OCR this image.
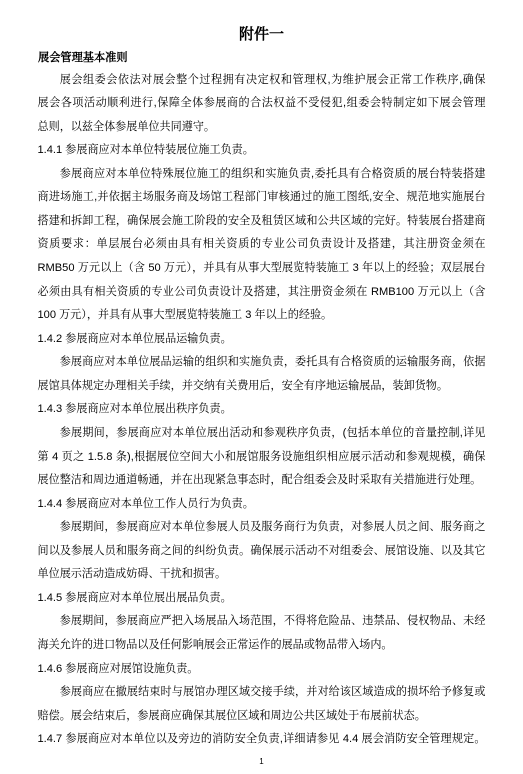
附件一
展会管理基本准则
展会组委会依法对展会整个过程拥有决定权和管理权,为维护展会正常工作秩序,确保
展会各项活动顺利进行,保障全体参展商的合法权益不受侵犯,组委会特制定如下展会管理
总则，以兹全体参展单位共同遵守。
1.4.1 参展商应对本单位特装展位施工负责。
参展商应对本单位特殊展位施工的组织和实施负责,委托具有合格资质的展台特装搭建
商进场施工,并依据主场服务商及场馆工程部门审核通过的施工图纸,安全、规范地实施展台
搭建和拆卸工程，确保展会施工阶段的安全及租赁区域和公共区域的完好。特装展台搭建商
资质要求：单层展台必须由具有相关资质的专业公司负责设计及搭建，其注册资金须在
RMB50 万元以上（含 50 万元），并具有从事大型展览特装施工 3 年以上的经验；双层展台
必须由具有相关资质的专业公司负责设计及搭建，其注册资金须在 RMB100 万元以上（含
100 万元），并具有从事大型展览特装施工 3 年以上的经验。
1.4.2 参展商应对本单位展品运输负责。
参展商应对本单位展品运输的组织和实施负责，委托具有合格资质的运输服务商，依据
展馆具体规定办理相关手续，并交纳有关费用后，安全有序地运输展品，装卸货物。
1.4.3 参展商应对本单位展出秩序负责。
参展期间，参展商应对本单位展出活动和参观秩序负责，(包括本单位的音量控制,详见
第 4 页之 1.5.8 条),根据展位空间大小和展馆服务设施组织相应展示活动和参观规模，确保
展位整洁和周边通道畅通，并在出现紧急事态时，配合组委会及时采取有关措施进行处理。
1.4.4 参展商应对本单位工作人员行为负责。
参展期间，参展商应对本单位参展人员及服务商行为负责，对参展人员之间、服务商之
间以及参展人员和服务商之间的纠纷负责。确保展示活动不对组委会、展馆设施、以及其它
单位展示活动造成妨碍、干扰和损害。
1.4.5 参展商应对本单位展出展品负责。
参展期间，参展商应严把入场展品入场范围，不得将危险品、违禁品、侵权物品、未经
海关允许的进口物品以及任何影响展会正常运作的展品或物品带入场内。
1.4.6 参展商应对展馆设施负责。
参展商应在撤展结束时与展馆办理区域交接手续，并对给该区域造成的损坏给予修复或
赔偿。展会结束后，参展商应确保其展位区域和周边公共区域处于布展前状态。
1.4.7 参展商应对本单位以及旁边的消防安全负责,详细请参见 4.4 展会消防安全管理规定。
1
